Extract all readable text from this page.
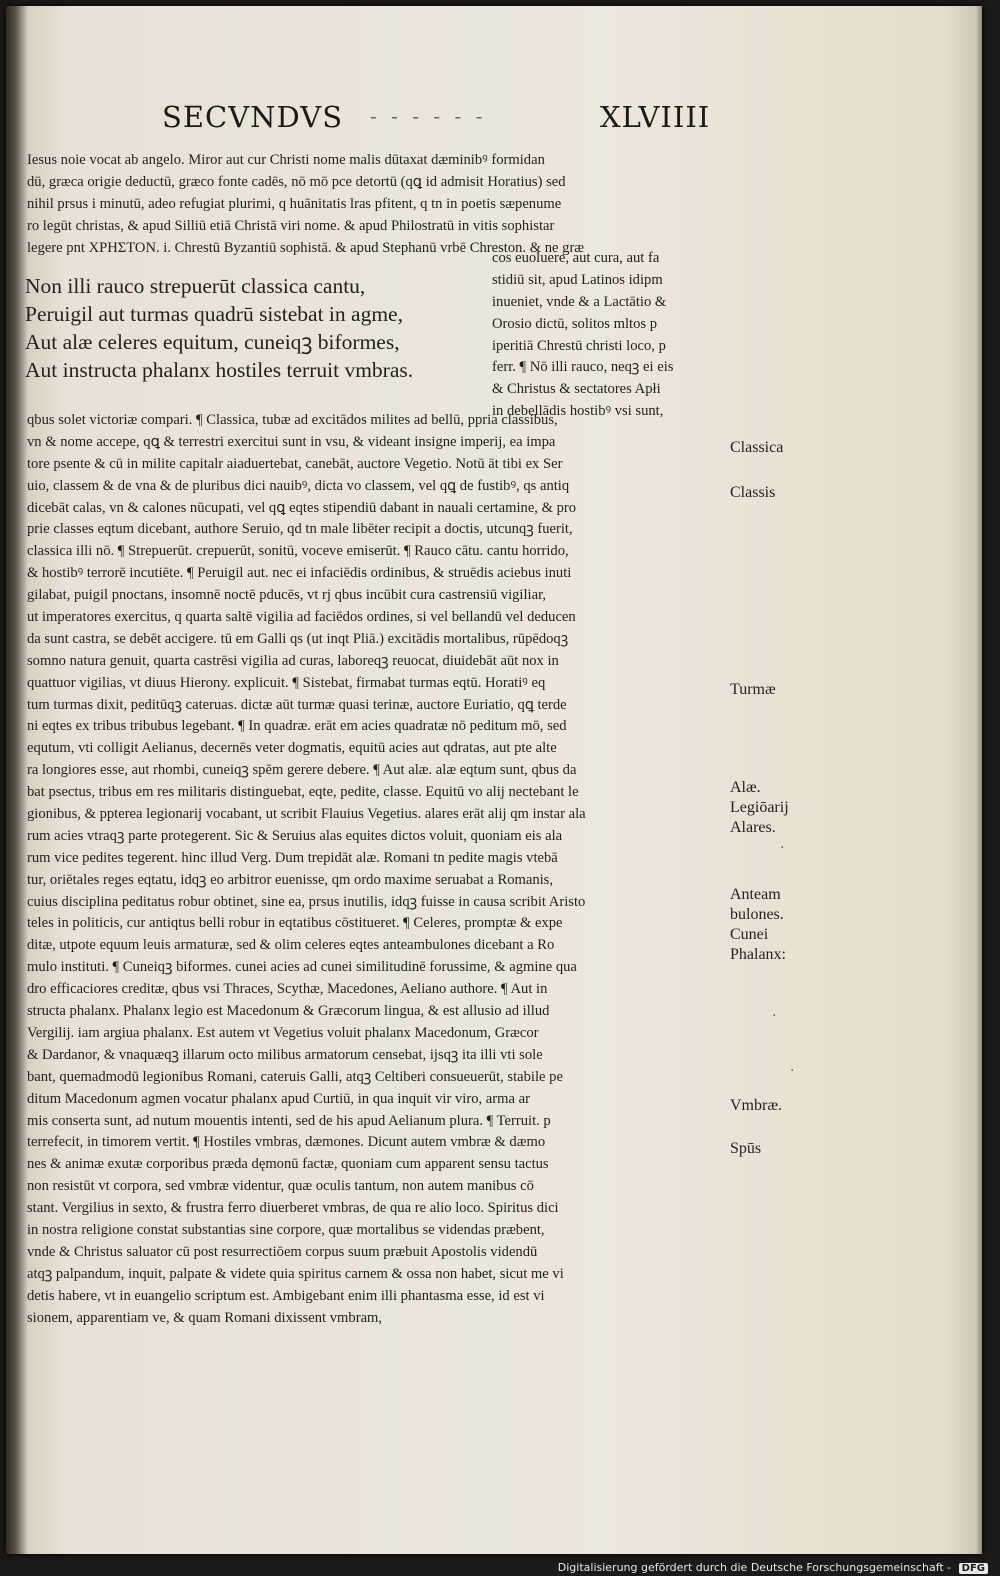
SECVNDVS - - - - - -	XLVIIII
Iesus noie vocat ab angelo. Miror aut cur Christi nome malis dūtaxat dæminibꝰ formidan
dū, græca origie deductū, græco fonte cadēs, nō mō pce detortū (qꝗ id admisit Horatius) sed
nihil prsus i minutū, adeo refugiat plurimi, q huānitatis lras pfitent, q tn in poetis sæpenume
ro legūt christas, & apud Silliū etiā Christā viri nome. & apud Philostratū in vitis sophistar
legere pnt ΧΡΗΣΤΟΝ. i. Chrestū Byzantiū sophistā. & apud Stephanū vrbē Chreston. & ne græ
Non illi rauco strepuerūt classica cantu,
Peruigil aut turmas quadrū sistebat in agme,
Aut alæ celeres equitum, cuneiqꝫ biformes,
Aut instructa phalanx hostiles terruit vmbras.
cos euoluere, aut cura, aut fa
stidiū sit, apud Latinos idipm
inueniet, vnde & a Lactātio &
Orosio dictū, solitos mltos p
iperitiā Chrestū christi loco, p
ferr. ¶ Nō illi rauco, neqꝫ ei eis
& Christus & sectatores Apłi
in debellādis hostibꝰ vsi sunt,
qbus solet victoriæ compari. ¶ Classica, tubæ ad excitādos milites ad bellū, ppria classibus,
vn & nome accepe, qꝗ & terrestri exercitui sunt in vsu, & videant insigne imperij, ea impa
tore psente & cū in milite capitalr aiaduertebat, canebāt, auctore Vegetio. Notū āt tibi ex Ser
uio, classem & de vna & de pluribus dici nauibꝰ, dicta vo classem, vel qꝗ de fustibꝰ, qs antiq
dicebāt calas, vn & calones nūcupati, vel qꝗ eqtes stipendiū dabant in nauali certamine, & pro
prie classes eqtum dicebant, authore Seruio, qd tn male libēter recipit a doctis, utcunqꝫ fuerit,
classica illi nō. ¶ Strepuerūt. crepuerūt, sonitū, voceve emiserūt. ¶ Rauco cātu. cantu horrido,
& hostibꝰ terrorē incutiēte. ¶ Peruigil aut. nec ei infaciēdis ordinibus, & struēdis aciebus inuti
gilabat, puigil pnoctans, insomnē noctē pducēs, vt rj qbus incūbit cura castrensiū vigiliar,
ut imperatores exercitus, q quarta saltē vigilia ad faciēdos ordines, si vel bellandū vel deducen
da sunt castra, se debēt accigere. tū em Galli qs (ut inqt Pliā.) excitādis mortalibus, rūpēdoqꝫ
somno natura genuit, quarta castrēsi vigilia ad curas, laboreqꝫ reuocat, diuidebāt aūt nox in
quattuor vigilias, vt diuus Hierony. explicuit. ¶ Sistebat, firmabat turmas eqtū. Horatiꝰ eq
tum turmas dixit, peditūqꝫ cateruas. dictæ aūt turmæ quasi terinæ, auctore Euriatio, qꝗ terde
ni eqtes ex tribus tribubus legebant. ¶ In quadræ. erāt em acies quadratæ nō peditum mō, sed
equtum, vti colligit Aelianus, decernēs veter dogmatis, equitū acies aut qdratas, aut pte alte
ra longiores esse, aut rhombi, cuneiqꝫ spēm gerere debere. ¶ Aut alæ. alæ eqtum sunt, qbus da
bat psectus, tribus em res militaris distinguebat, eqte, pedite, classe. Equitū vo alij nectebant le
gionibus, & ppterea legionarij vocabant, ut scribit Flauius Vegetius. alares erāt alij qm instar ala
rum acies vtraqꝫ parte protegerent. Sic & Seruius alas equites dictos voluit, quoniam eis ala
rum vice pedites tegerent. hinc illud Verg. Dum trepidāt alæ. Romani tn pedite magis vtebā
tur, oriētales reges eqtatu, idqꝫ eo arbitror euenisse, qm ordo maxime seruabat a Romanis,
cuius disciplina peditatus robur obtinet, sine ea, prsus inutilis, idqꝫ fuisse in causa scribit Aristo
teles in politicis, cur antiqtus belli robur in eqtatibus cōstitueret. ¶ Celeres, promptæ & expe
ditæ, utpote equum leuis armaturæ, sed & olim celeres eqtes anteambulones dicebant a Ro
mulo instituti. ¶ Cuneiqꝫ biformes. cunei acies ad cunei similitudinē forussime, & agmine qua
dro efficaciores creditæ, qbus vsi Thraces, Scythæ, Macedones, Aeliano authore. ¶ Aut in
structa phalanx. Phalanx legio est Macedonum & Græcorum lingua, & est allusio ad illud
Vergilij. iam argiua phalanx. Est autem vt Vegetius voluit phalanx Macedonum, Græcor
& Dardanor, & vnaquæqꝫ illarum octo milibus armatorum censebat, ijsqꝫ ita illi vti sole
bant, quemadmodū legionibus Romani, cateruis Galli, atqꝫ Celtiberi consueuerūt, stabile pe
ditum Macedonum agmen vocatur phalanx apud Curtiū, in qua inquit vir viro, arma ar
mis conserta sunt, ad nutum mouentis intenti, sed de his apud Aelianum plura. ¶ Terruit. p
terrefecit, in timorem vertit. ¶ Hostiles vmbras, dæmones. Dicunt autem vmbræ & dæmo
nes & animæ exutæ corporibus præda dęmonū factæ, quoniam cum apparent sensu tactus
non resistūt vt corpora, sed vmbræ videntur, quæ oculis tantum, non autem manibus cō
stant. Vergilius in sexto, & frustra ferro diuerberet vmbras, de qua re alio loco. Spiritus dici
in nostra religione constat substantias sine corpore, quæ mortalibus se videndas præbent,
vnde & Christus saluator cū post resurrectiōem corpus suum præbuit Apostolis videndū
atqꝫ palpandum, inquit, palpate & videte quia spiritus carnem & ossa non habet, sicut me vi
detis habere, vt in euangelio scriptum est. Ambigebant enim illi phantasma esse, id est vi
sionem, apparentiam ve, & quam Romani dixissent vmbram,
Classica
Classis
Turmæ
Alæ.
Legiōarij
Alares.
Anteam
bulones.
Cunei
Phalanx:
Vmbræ.
Spūs
·
·
·
Digitalisierung gefördert durch die Deutsche Forschungsgemeinschaft - DFG
